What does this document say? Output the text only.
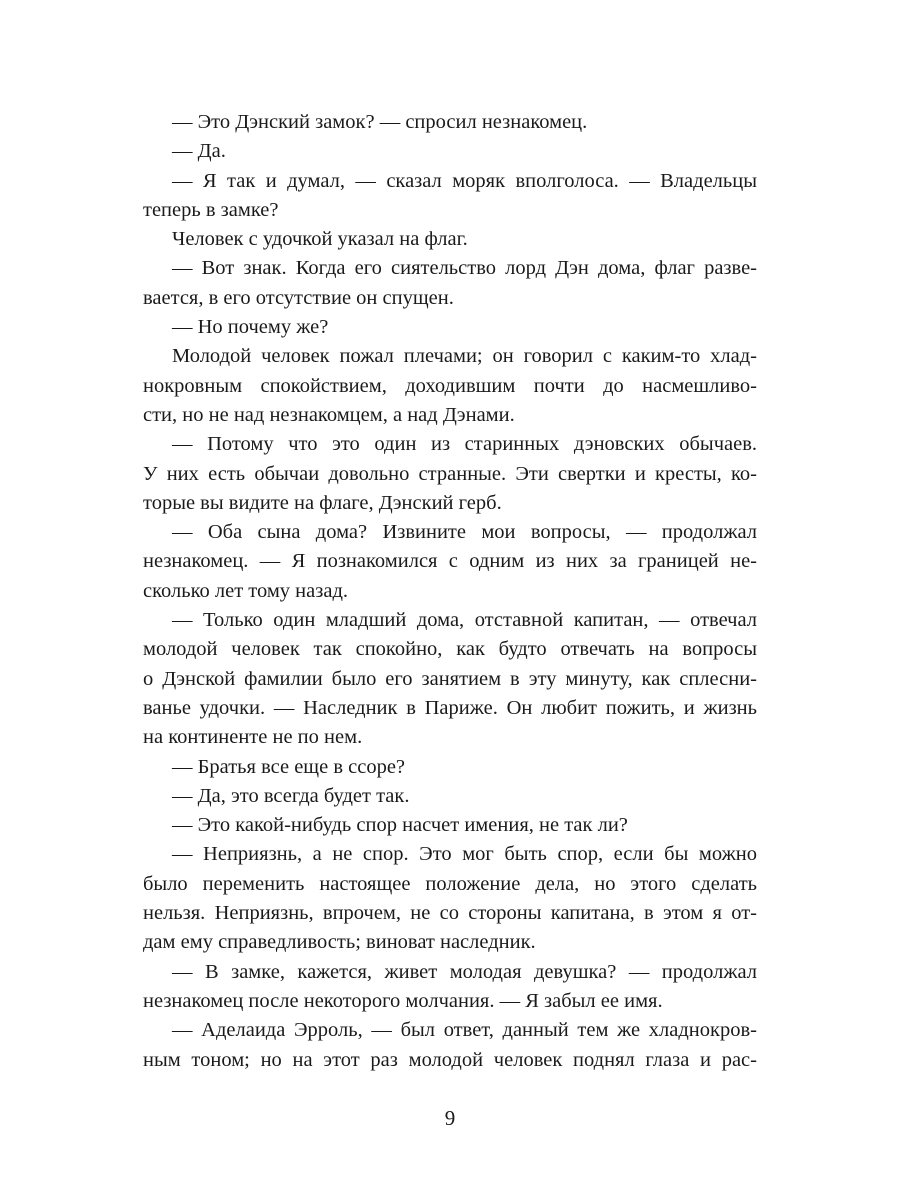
— Это Дэнский замок? — спросил незнакомец.
— Да.
— Я так и думал, — сказал моряк вполголоса. — Владельцы
теперь в замке?
Человек с удочкой указал на флаг.
— Вот знак. Когда его сиятельство лорд Дэн дома, флаг разве-
вается, в его отсутствие он спущен.
— Но почему же?
Молодой человек пожал плечами; он говорил с каким-то хлад-
нокровным спокойствием, доходившим почти до насмешливо-
сти, но не над незнакомцем, а над Дэнами.
— Потому что это один из старинных дэновских обычаев.
У них есть обычаи довольно странные. Эти свертки и кресты, ко-
торые вы видите на флаге, Дэнский герб.
— Оба сына дома? Извините мои вопросы, — продолжал
незнакомец. — Я познакомился с одним из них за границей не-
сколько лет тому назад.
— Только один младший дома, отставной капитан, — отвечал
молодой человек так спокойно, как будто отвечать на вопросы
о Дэнской фамилии было его занятием в эту минуту, как сплесни-
ванье удочки. — Наследник в Париже. Он любит пожить, и жизнь
на континенте не по нем.
— Братья все еще в ссоре?
— Да, это всегда будет так.
— Это какой-нибудь спор насчет имения, не так ли?
— Неприязнь, а не спор. Это мог быть спор, если бы можно
было переменить настоящее положение дела, но этого сделать
нельзя. Неприязнь, впрочем, не со стороны капитана, в этом я от-
дам ему справедливость; виноват наследник.
— В замке, кажется, живет молодая девушка? — продолжал
незнакомец после некоторого молчания. — Я забыл ее имя.
— Аделаида Эрроль, — был ответ, данный тем же хладнокров-
ным тоном; но на этот раз молодой человек поднял глаза и рас-
9
